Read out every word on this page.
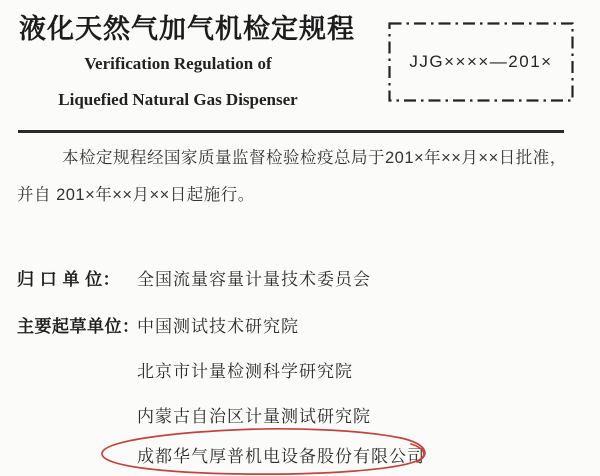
液化天然气加气机检定规程
Verification Regulation of
Liquefied Natural Gas Dispenser
JJG××××—201×
本检定规程经国家质量监督检验检疫总局于201×年××月××日批准，
并自 201×年××月××日起施行。
归 口 单 位： 全国流量容量计量技术委员会
主要起草单位：
中国测试技术研究院
北京市计量检测科学研究院
内蒙古自治区计量测试研究院
成都华气厚普机电设备股份有限公司
